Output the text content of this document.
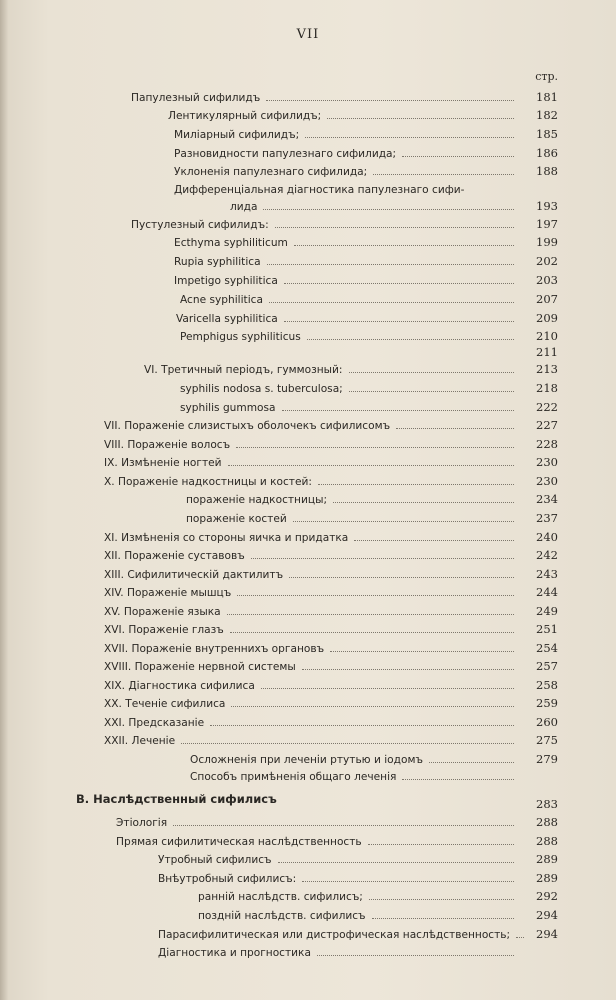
VII
стр.
Папулезный сифилидъ	181
Лентикулярный сифилидъ;	182
Миліарный сифилидъ;	185
Разновидности папулезнаго сифилида;	186
Уклоненія папулезнаго сифилида;	188
Дифференціальная діагностика папулезнаго сифи-
лида	193
Пустулезный сифилидъ:	197
Ecthyma syphiliticum	199
Rupia syphilitica	202
Impetigo syphilitica	203
Acne syphilitica	207
Varicella syphilitica	209
Pemphigus syphiliticus	210
211
VI. Третичный періодъ, гуммозный:	213
syphilis nodosa s. tuberculosa;	218
syphilis gummosa	222
VII. Пораженіе слизистыхъ оболочекъ сифилисомъ	227
VIII. Пораженіе волосъ	228
IX. Измѣненіе ногтей	230
X. Пораженіе надкостницы и костей:	230
пораженіе надкостницы;	234
пораженіе костей	237
XI. Измѣненія со стороны яичка и придатка	240
XII. Пораженіе суставовъ	242
XIII. Сифилитическій дактилитъ	243
XIV. Пораженіе мышцъ	244
XV. Пораженіе языка	249
XVI. Пораженіе глазъ	251
XVII. Пораженіе внутреннихъ органовъ	254
XVIII. Пораженіе нервной системы	257
XIX. Діагностика сифилиса	258
XX. Теченіе сифилиса	259
XXI. Предсказаніе	260
XXII. Леченіе	275
Осложненія при леченіи ртутью и іодомъ	279
Способъ примѣненія общаго леченія
В. Наслѣдственный сифилисъ	283
Этіологія	288
Прямая сифилитическая наслѣдственность	288
Утробный сифилисъ	289
Внѣутробный сифилисъ:	289
ранній наслѣдств. сифилисъ;	292
поздній наслѣдств. сифилисъ	294
Парасифилитическая или дистрофическая наслѣдственность;	294
Діагностика и прогностика
